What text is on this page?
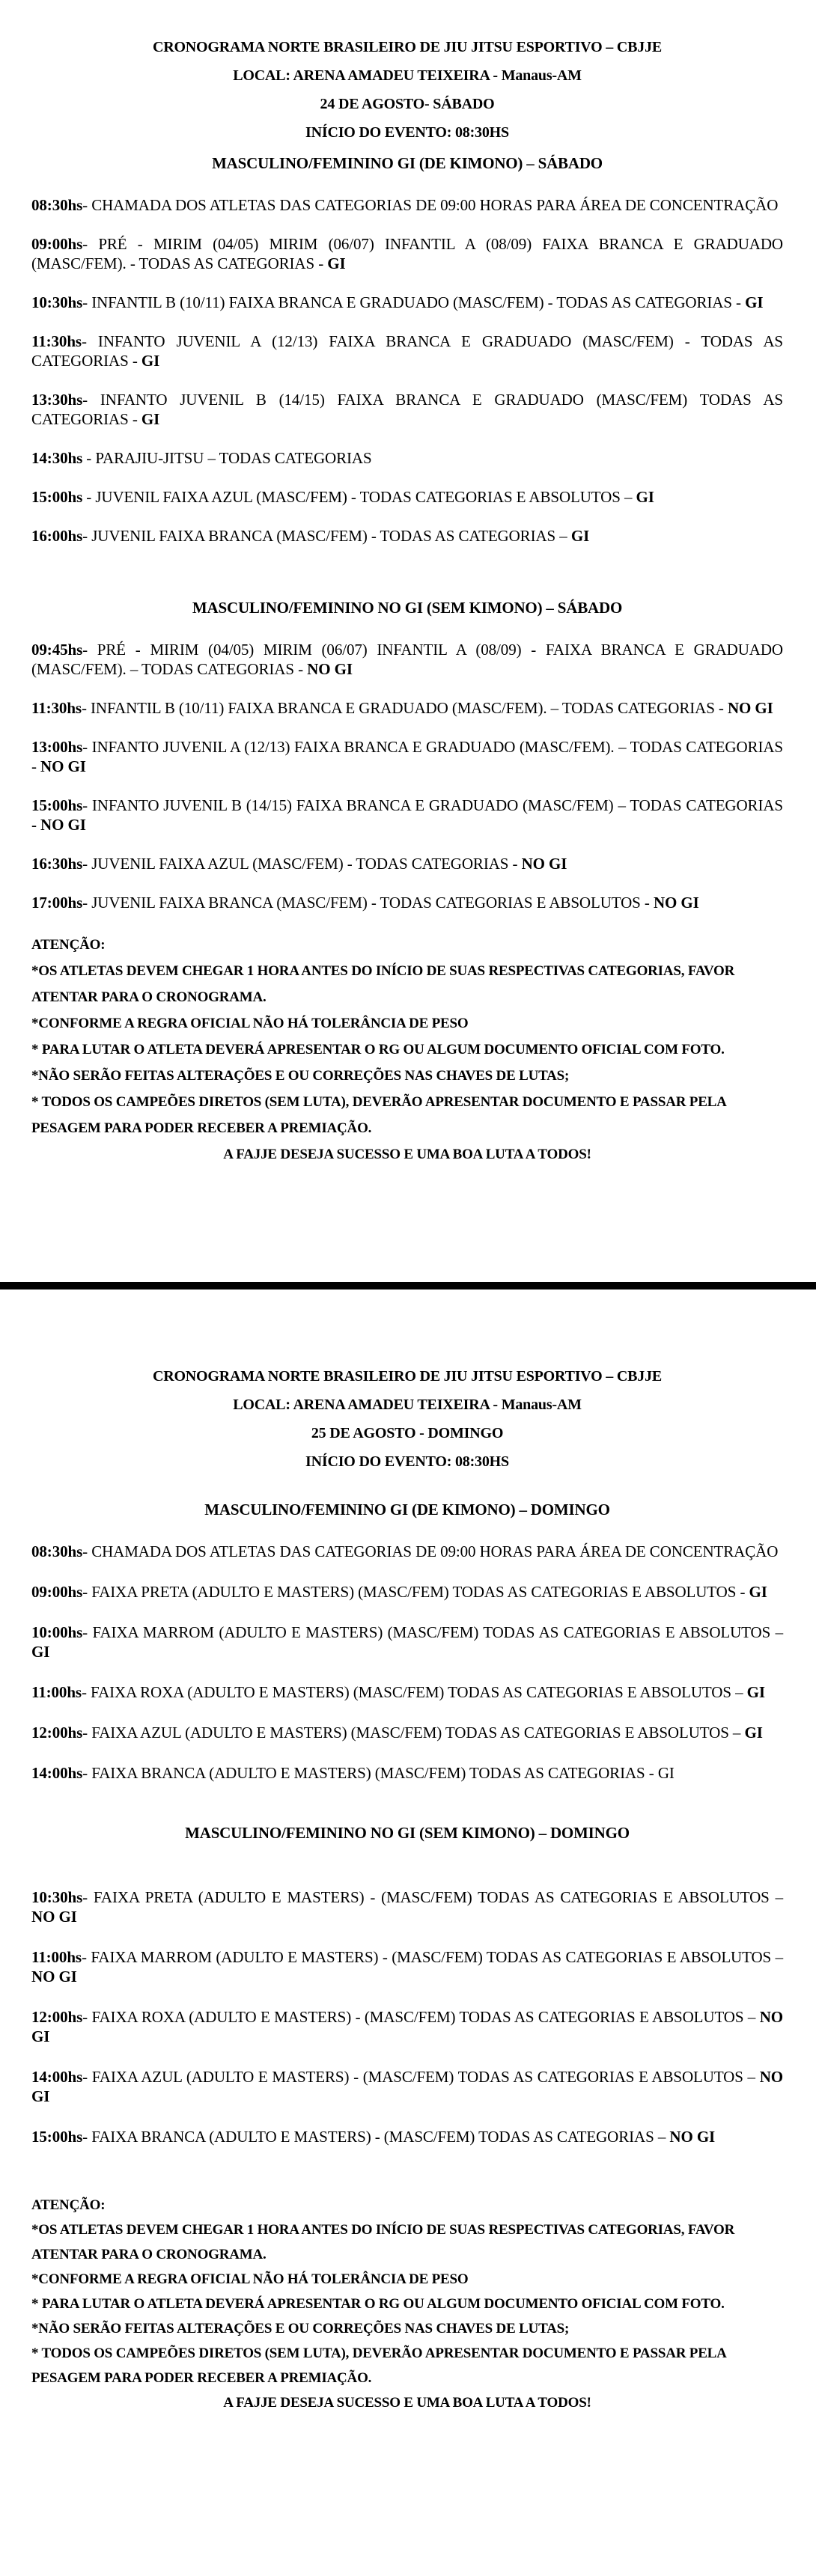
CRONOGRAMA NORTE BRASILEIRO DE JIU JITSU ESPORTIVO – CBJJE

LOCAL: ARENA AMADEU TEIXEIRA - Manaus-AM

24 DE AGOSTO- SÁBADO

INÍCIO DO EVENTO: 08:30HS

MASCULINO/FEMININO GI (DE KIMONO) – SÁBADO

08:30hs- CHAMADA DOS ATLETAS DAS CATEGORIAS DE 09:00 HORAS PARA ÁREA DE CONCENTRAÇÃO

09:00hs- PRÉ - MIRIM (04/05) MIRIM (06/07) INFANTIL A (08/09) FAIXA BRANCA E GRADUADO (MASC/FEM). - TODAS AS CATEGORIAS - GI

10:30hs- INFANTIL B (10/11) FAIXA BRANCA E GRADUADO (MASC/FEM) - TODAS AS CATEGORIAS - GI

11:30hs- INFANTO JUVENIL A (12/13) FAIXA BRANCA E GRADUADO (MASC/FEM) - TODAS AS CATEGORIAS - GI

13:30hs- INFANTO JUVENIL B (14/15) FAIXA BRANCA E GRADUADO (MASC/FEM) TODAS AS CATEGORIAS - GI

14:30hs - PARAJIU-JITSU – TODAS CATEGORIAS

15:00hs - JUVENIL FAIXA AZUL (MASC/FEM) - TODAS CATEGORIAS E ABSOLUTOS – GI

16:00hs- JUVENIL FAIXA BRANCA (MASC/FEM) - TODAS AS CATEGORIAS – GI

MASCULINO/FEMININO NO GI (SEM KIMONO) – SÁBADO

09:45hs- PRÉ - MIRIM (04/05) MIRIM (06/07) INFANTIL A (08/09) - FAIXA BRANCA E GRADUADO (MASC/FEM). – TODAS CATEGORIAS - NO GI

11:30hs- INFANTIL B (10/11) FAIXA BRANCA E GRADUADO (MASC/FEM). – TODAS CATEGORIAS - NO GI

13:00hs- INFANTO JUVENIL A (12/13) FAIXA BRANCA E GRADUADO (MASC/FEM). – TODAS CATEGORIAS - NO GI

15:00hs- INFANTO JUVENIL B (14/15) FAIXA BRANCA E GRADUADO (MASC/FEM) – TODAS CATEGORIAS - NO GI

16:30hs- JUVENIL FAIXA AZUL (MASC/FEM) - TODAS CATEGORIAS - NO GI

17:00hs- JUVENIL FAIXA BRANCA (MASC/FEM) - TODAS CATEGORIAS E ABSOLUTOS - NO GI

ATENÇÃO:

*OS ATLETAS DEVEM CHEGAR 1 HORA ANTES DO INÍCIO DE SUAS RESPECTIVAS CATEGORIAS, FAVOR

ATENTAR PARA O CRONOGRAMA.

*CONFORME A REGRA OFICIAL NÃO HÁ TOLERÂNCIA DE PESO

* PARA LUTAR O ATLETA DEVERÁ APRESENTAR O RG OU ALGUM DOCUMENTO OFICIAL COM FOTO.

*NÃO SERÃO FEITAS ALTERAÇÕES E OU CORREÇÕES NAS CHAVES DE LUTAS;

* TODOS OS CAMPEÕES DIRETOS (SEM LUTA), DEVERÃO APRESENTAR DOCUMENTO E PASSAR PELA

PESAGEM PARA PODER RECEBER A PREMIAÇÃO.

A FAJJE DESEJA SUCESSO E UMA BOA LUTA A TODOS!

CRONOGRAMA NORTE BRASILEIRO DE JIU JITSU ESPORTIVO – CBJJE

LOCAL: ARENA AMADEU TEIXEIRA - Manaus-AM

25 DE AGOSTO - DOMINGO

INÍCIO DO EVENTO: 08:30HS

MASCULINO/FEMININO GI (DE KIMONO) – DOMINGO

08:30hs- CHAMADA DOS ATLETAS DAS CATEGORIAS DE 09:00 HORAS PARA ÁREA DE CONCENTRAÇÃO

09:00hs- FAIXA PRETA (ADULTO E MASTERS) (MASC/FEM) TODAS AS CATEGORIAS E ABSOLUTOS - GI

10:00hs- FAIXA MARROM (ADULTO E MASTERS) (MASC/FEM) TODAS AS CATEGORIAS E ABSOLUTOS – GI

11:00hs- FAIXA ROXA (ADULTO E MASTERS) (MASC/FEM) TODAS AS CATEGORIAS E ABSOLUTOS – GI

12:00hs- FAIXA AZUL (ADULTO E MASTERS) (MASC/FEM) TODAS AS CATEGORIAS E ABSOLUTOS – GI

14:00hs- FAIXA BRANCA (ADULTO E MASTERS) (MASC/FEM) TODAS AS CATEGORIAS - GI

MASCULINO/FEMININO NO GI (SEM KIMONO) – DOMINGO

10:30hs- FAIXA PRETA (ADULTO E MASTERS) - (MASC/FEM) TODAS AS CATEGORIAS E ABSOLUTOS – NO GI

11:00hs- FAIXA MARROM (ADULTO E MASTERS) - (MASC/FEM) TODAS AS CATEGORIAS E ABSOLUTOS – NO GI

12:00hs- FAIXA ROXA (ADULTO E MASTERS) - (MASC/FEM) TODAS AS CATEGORIAS E ABSOLUTOS – NO GI

14:00hs- FAIXA AZUL (ADULTO E MASTERS) - (MASC/FEM) TODAS AS CATEGORIAS E ABSOLUTOS – NO GI

15:00hs- FAIXA BRANCA (ADULTO E MASTERS) - (MASC/FEM) TODAS AS CATEGORIAS – NO GI

ATENÇÃO:

*OS ATLETAS DEVEM CHEGAR 1 HORA ANTES DO INÍCIO DE SUAS RESPECTIVAS CATEGORIAS, FAVOR

ATENTAR PARA O CRONOGRAMA.

*CONFORME A REGRA OFICIAL NÃO HÁ TOLERÂNCIA DE PESO

* PARA LUTAR O ATLETA DEVERÁ APRESENTAR O RG OU ALGUM DOCUMENTO OFICIAL COM FOTO.

*NÃO SERÃO FEITAS ALTERAÇÕES E OU CORREÇÕES NAS CHAVES DE LUTAS;

* TODOS OS CAMPEÕES DIRETOS (SEM LUTA), DEVERÃO APRESENTAR DOCUMENTO E PASSAR PELA

PESAGEM PARA PODER RECEBER A PREMIAÇÃO.

A FAJJE DESEJA SUCESSO E UMA BOA LUTA A TODOS!
